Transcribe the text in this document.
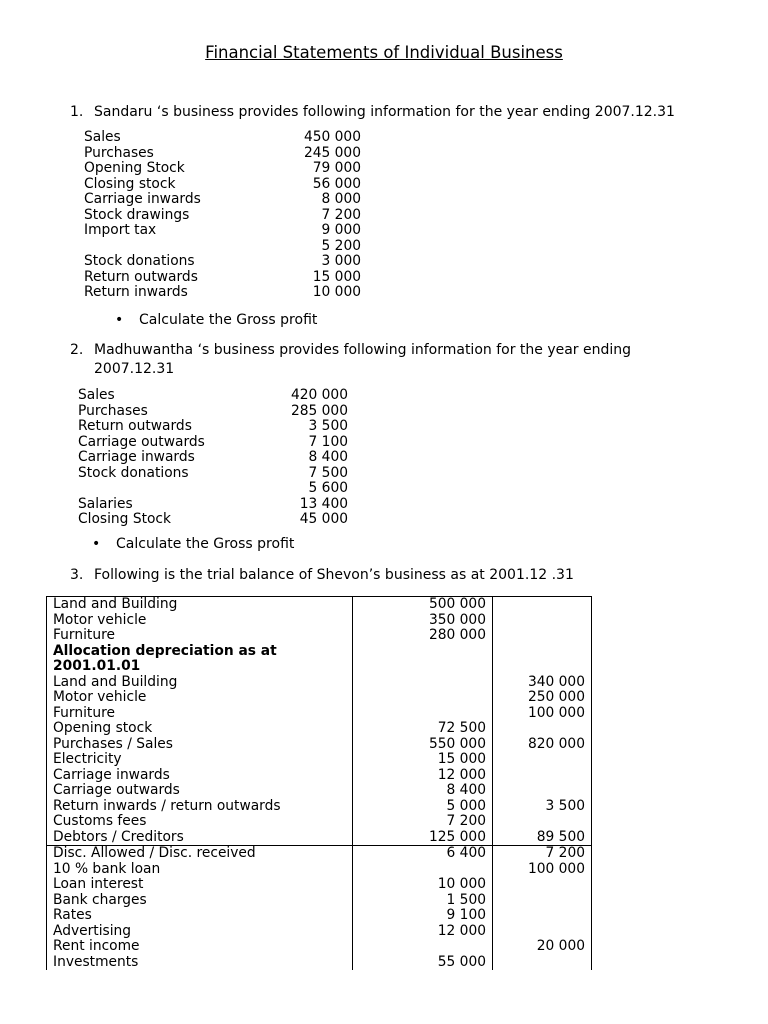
Financial Statements of Individual Business
1. Sandaru ‘s business provides following information for the year ending 2007.12.31
Sales	450 000
Purchases	245 000
Opening Stock	79 000
Closing stock	56 000
Carriage inwards	8 000
Stock drawings	7 200
Import tax	9 000
5 200
Stock donations	3 000
Return outwards	15 000
Return inwards	10 000
• Calculate the Gross profit
2. Madhuwantha ‘s business provides following information for the year ending
2007.12.31
Sales	420 000
Purchases	285 000
Return outwards	3 500
Carriage outwards	7 100
Carriage inwards	8 400
Stock donations	7 500
5 600
Salaries	13 400
Closing Stock	45 000
• Calculate the Gross profit
3. Following is the trial balance of Shevon’s business as at 2001.12 .31
Land and Building	500 000	
Motor vehicle	350 000	
Furniture	280 000	
Allocation depreciation as at		
2001.01.01		
Land and Building		340 000
Motor vehicle		250 000
Furniture		100 000
Opening stock	72 500	
Purchases / Sales	550 000	820 000
Electricity	15 000	
Carriage inwards	12 000	
Carriage outwards	8 400	
Return inwards / return outwards	5 000	3 500
Customs fees	7 200	
Debtors / Creditors	125 000	89 500
Disc. Allowed / Disc. received	6 400	7 200
10 % bank loan		100 000
Loan interest	10 000	
Bank charges	1 500	
Rates	9 100	
Advertising	12 000	
Rent income		20 000
Investments	55 000	
